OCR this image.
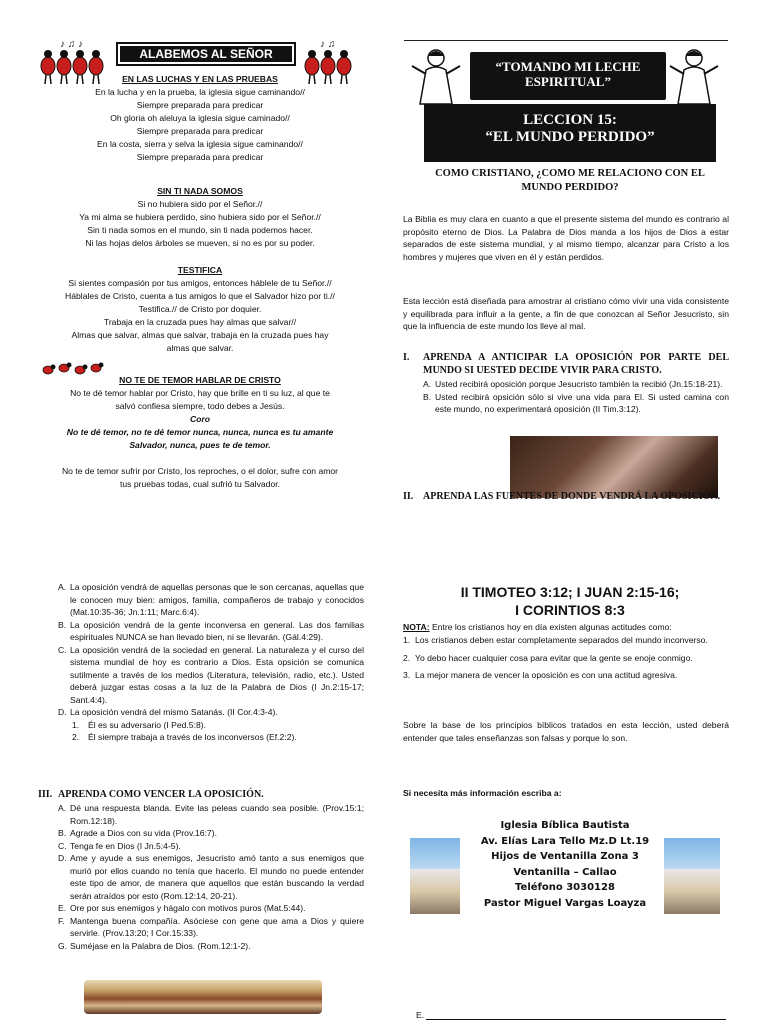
♪ ♫ ♪	♪ ♫
ALABEMOS AL SEÑOR
EN LAS LUCHAS Y EN LAS PRUEBAS
En la lucha y en la prueba, la iglesia sigue caminando//
Siempre preparada para predicar
Oh gloria oh aleluya la iglesia sigue caminado//
Siempre preparada para predicar
En la costa, sierra y selva la iglesia sigue caminando//
Siempre preparada para predicar
SIN TI NADA SOMOS
Si no hubiera sido por el Señor.//
Ya mi alma se hubiera perdido, sino hubiera sido por el Señor.//
Sin ti nada somos en el mundo, sin ti nada podemos hacer.
Ni las hojas delos árboles se mueven, si no es por su poder.
TESTIFICA
Si sientes compasión por tus amigos, entonces háblele de tu Señor.//
Háblales de Cristo, cuenta a tus amigos lo que el Salvador hizo por ti.//
Testifica.// de Cristo por doquier.
Trabaja en la cruzada pues hay almas que salvar//
Almas que salvar, almas que salvar, trabaja en la cruzada pues hay
almas que salvar.
NO TE DE TEMOR HABLAR DE CRISTO
No te dé temor hablar por Cristo, hay que brille en ti su luz, al que te
salvó confiesa siempre, todo debes a Jesús.
Coro
No te dé temor, no te dé temor nunca, nunca, nunca es tu amante
Salvador, nunca, pues te de temor.
No te de temor sufrir por Cristo, los reproches, o el dolor, sufre con amor
tus pruebas todas, cual sufrió tu Salvador.
“TOMANDO MI LECHE ESPIRITUAL”
LECCION 15:
“EL MUNDO PERDIDO”
COMO CRISTIANO, ¿COMO ME RELACIONO CON EL MUNDO PERDIDO?
La Biblia es muy clara en cuanto a que el presente sistema del mundo es contrario al propósito eterno de Dios. La Palabra de Dios manda a los hijos de Dios a estar separados de este sistema mundial, y al mismo tiempo, alcanzar para Cristo a los hombres y mujeres que viven en él y están perdidos.
Esta lección está diseñada para amostrar al cristiano cómo vivir una vida consistente y equilibrada para influir a la gente, a fin de que conozcan al Señor Jesucristo, sin que la influencia de este mundo los lleve al mal.
I.	APRENDA A ANTICIPAR LA OPOSICIÓN POR PARTE DEL MUNDO SI UESTED DECIDE VIVIR PARA CRISTO.
A. Usted recibirá oposición porque Jesucristo también la recibió (Jn.15:18-21).
B. Usted recibirá opsición sólo si vive una vida para El. Si usted camina con este mundo, no experimentará oposición (II Tim.3:12).
II. APRENDA LAS FUENTES DE DONDE VENDRÁ LA OPOSICIÓN.
A. La oposición vendrá de aquellas personas que le son cercanas, aquellas que le conocen muy bien: amigos, familia, compañeros de trabajo y conocidos (Mat.10:35-36; Jn.1:11; Marc.6:4).
B. La oposición vendrá de la gente inconversa en general. Las dos familias espirituales NUNCA se han llevado bien, ni se llevarán. (Gál.4:29).
C. La oposición vendrá de la sociedad en general. La naturaleza y el curso del sistema mundial de hoy es contrario a Dios. Esta opsición se comunica sutilmente a través de los medios (Literatura, televisión, radio, etc.). Usted deberá juzgar estas cosas a la luz de la Palabra de Dios (I Jn.2:15-17; Sant.4:4).
D. La oposición vendrá del mismo Satanás. (II Cor.4:3-4).
1.	Él es su adversario (I Ped.5:8).
2.	Él siempre trabaja a través de los inconversos (Ef.2:2).
III. APRENDA COMO VENCER LA OPOSICIÓN.
A. Dé una respuesta blanda. Evite las peleas cuando sea posible. (Prov.15:1; Rom.12:18).
B. Agrade a Dios con su vida (Prov.16:7).
C. Tenga fe en Dios (I Jn.5:4-5).
D. Ame y ayude a sus enemigos, Jesucristo amó tanto a sus enemigos que murió por ellos cuando no tenía que hacerlo. El mundo no puede entender este tipo de amor, de manera que aquellos que están buscando la verdad serán atraídos por esto (Rom.12:14, 20-21).
E. Ore por sus enemigos y hágalo con motivos puros (Mat.5:44).
F. Mantenga buena compañía. Asóciese con gene que ama a Dios y quiere servirle. (Prov.13:20; I Cor.15:33).
G. Suméjase en la Palabra de Dios. (Rom.12:1-2).
II TIMOTEO 3:12; I JUAN 2:15-16;
I CORINTIOS 8:3
NOTA: Entre los cristianos hoy en día existen algunas actitudes como:
1. Los cristianos deben estar completamente separados del mundo inconverso.
2. Yo debo hacer cualquier cosa para evitar que la gente se enoje conmigo.
3. La mejor manera de vencer la oposición es con una actitud agresiva.
Sobre la base de los principios bíblicos tratados en esta lección, usted deberá entender que tales enseñanzas son falsas y porque lo son.
Si necesita más información escriba a:
Iglesia Bíblica Bautista
Av. Elías Lara Tello Mz.D Lt.19
Hijos de Ventanilla Zona 3
Ventanilla – Callao
Teléfono 3030128
Pastor Miguel Vargas Loayza
E.
